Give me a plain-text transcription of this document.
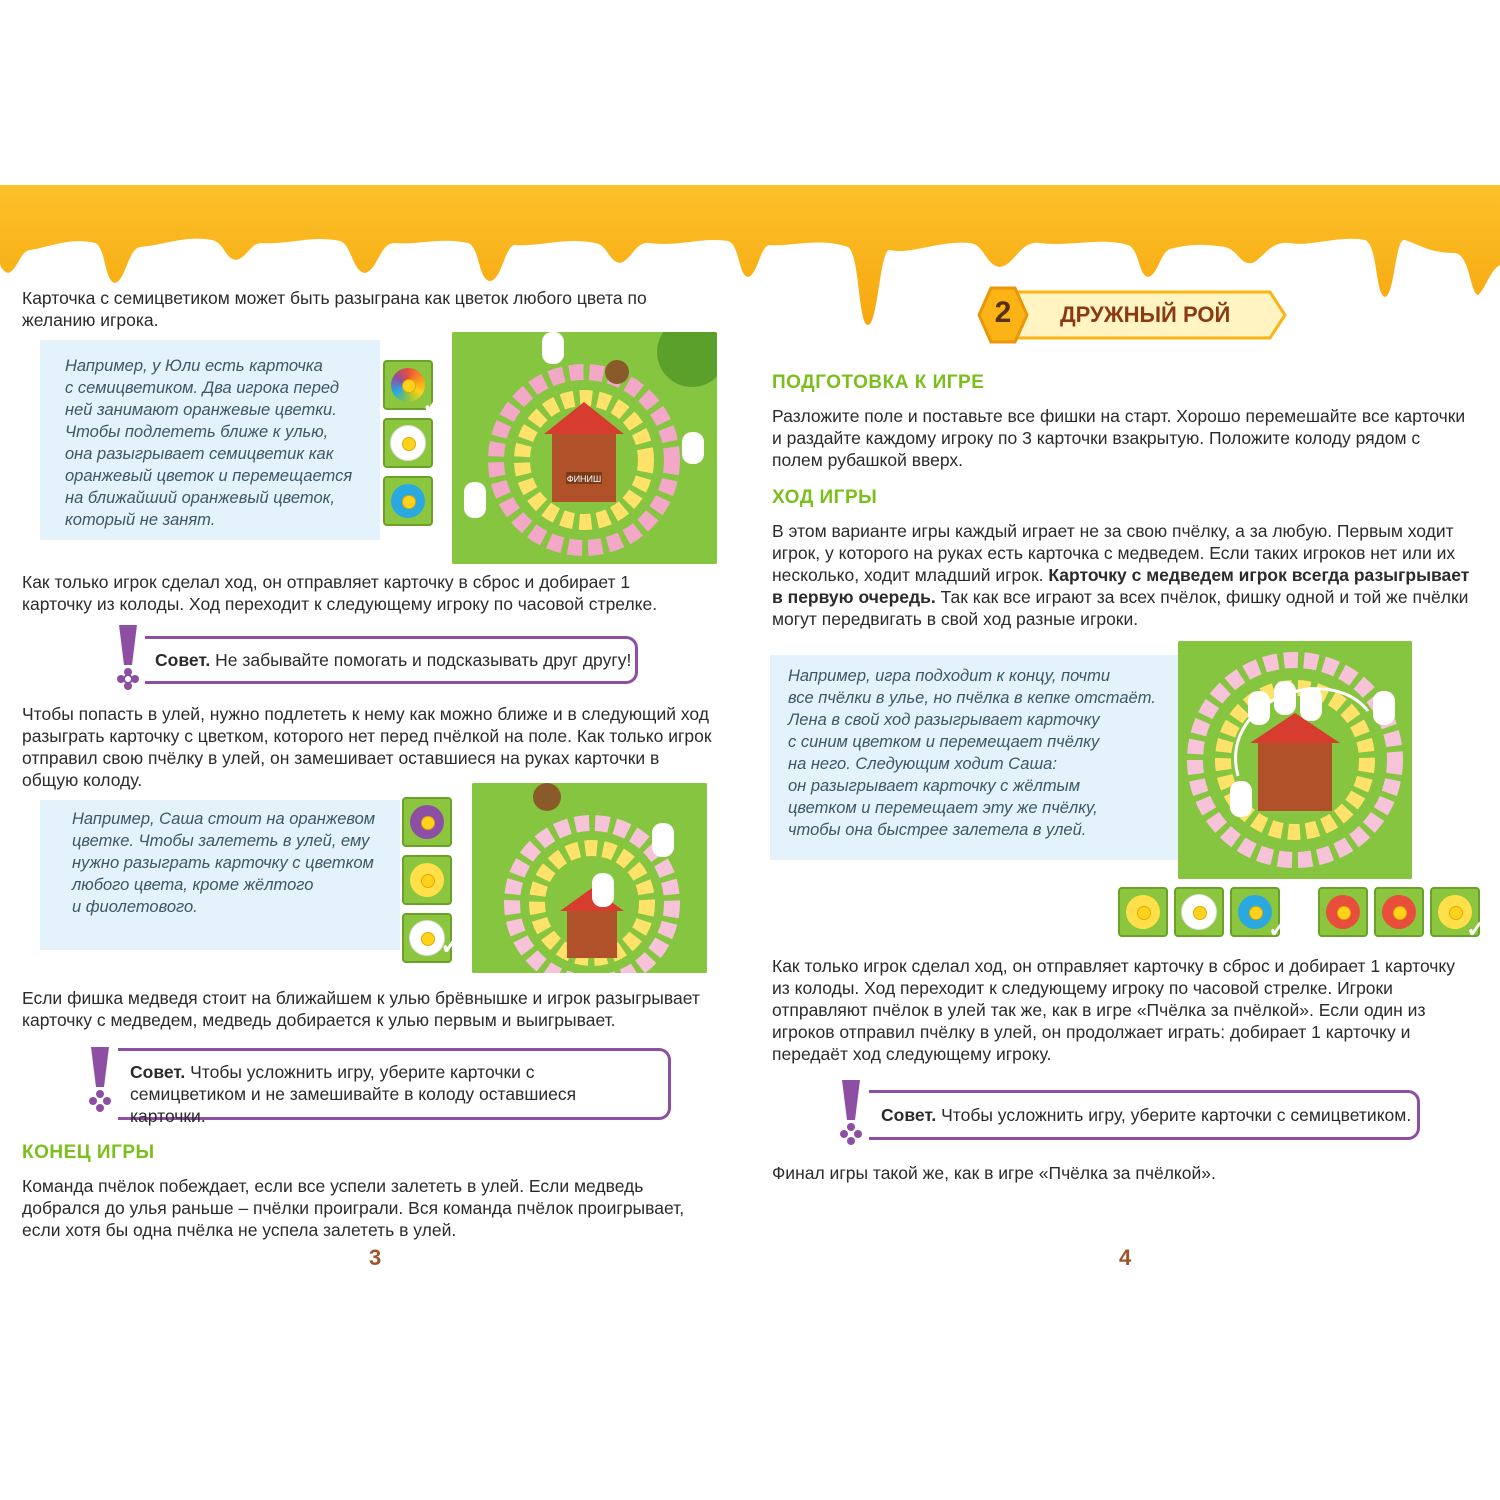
Карточка с семицветиком может быть разыграна как цветок любого цвета по желанию игрока.

Например, у Юли есть карточка

с семицветиком. Два игрока перед

ней занимают оранжевые цветки.

Чтобы подлететь ближе к улью,

она разыгрывает семицветик как

оранжевый цветок и перемещается

на ближайший оранжевый цветок,

который не занят.

✓
ФИНИШ
Как только игрок сделал ход, он отправляет карточку в сброс и добирает 1 карточку из колоды. Ход переходит к следующему игроку по часовой стрелке.
Совет. Не забывайте помогать и подсказывать друг другу!
Чтобы попасть в улей, нужно подлететь к нему как можно ближе и в следующий ход разыграть карточку с цветком, которого нет перед пчёлкой на поле. Как только игрок отправил свою пчёлку в улей, он замешивает оставшиеся на руках карточки в общую колоду.

Например, Саша стоит на оранжевом

цветке. Чтобы залететь в улей, ему

нужно разыграть карточку с цветком

любого цвета, кроме жёлтого

и фиолетового.

✓
Если фишка медведя стоит на ближайшем к улью брёвнышке и игрок разыгрывает карточку с медведем, медведь добирается к улью первым и выигрывает.
Совет. Чтобы усложнить игру, уберите карточки с семицветиком и не замешивайте в колоду оставшиеся карточки.
КОНЕЦ ИГРЫ
Команда пчёлок побеждает, если все успели залететь в улей. Если медведь добрался до улья раньше – пчёлки проиграли. Вся команда пчёлок проигрывает, если хотя бы одна пчёлка не успела залететь в улей.
3
2 ДРУЖНЫЙ РОЙ
ПОДГОТОВКА К ИГРЕ
Разложите поле и поставьте все фишки на старт. Хорошо перемешайте все карточки и раздайте каждому игроку по 3 карточки взакрытую. Положите колоду рядом с полем рубашкой вверх.
ХОД ИГРЫ
В этом варианте игры каждый играет не за свою пчёлку, а за любую. Первым ходит игрок, у которого на руках есть карточка с медведем. Если таких игроков нет или их несколько, ходит младший игрок. Карточку с медведем игрок всегда разыгрывает в первую очередь. Так как все играют за всех пчёлок, фишку одной и той же пчёлки могут передвигать в свой ход разные игроки.

Например, игра подходит к концу, почти

все пчёлки в улье, но пчёлка в кепке отстаёт.

Лена в свой ход разыгрывает карточку

с синим цветком и перемещает пчёлку

на него. Следующим ходит Саша:

он разыгрывает карточку с жёлтым

цветком и перемещает эту же пчёлку,

чтобы она быстрее залетела в улей.

✓	✓
Как только игрок сделал ход, он отправляет карточку в сброс и добирает 1 карточку из колоды. Ход переходит к следующему игроку по часовой стрелке. Игроки отправляют пчёлок в улей так же, как в игре «Пчёлка за пчёлкой». Если один из игроков отправил пчёлку в улей, он продолжает играть: добирает 1 карточку и передаёт ход следующему игроку.
Совет. Чтобы усложнить игру, уберите карточки с семицветиком.
Финал игры такой же, как в игре «Пчёлка за пчёлкой».
4
